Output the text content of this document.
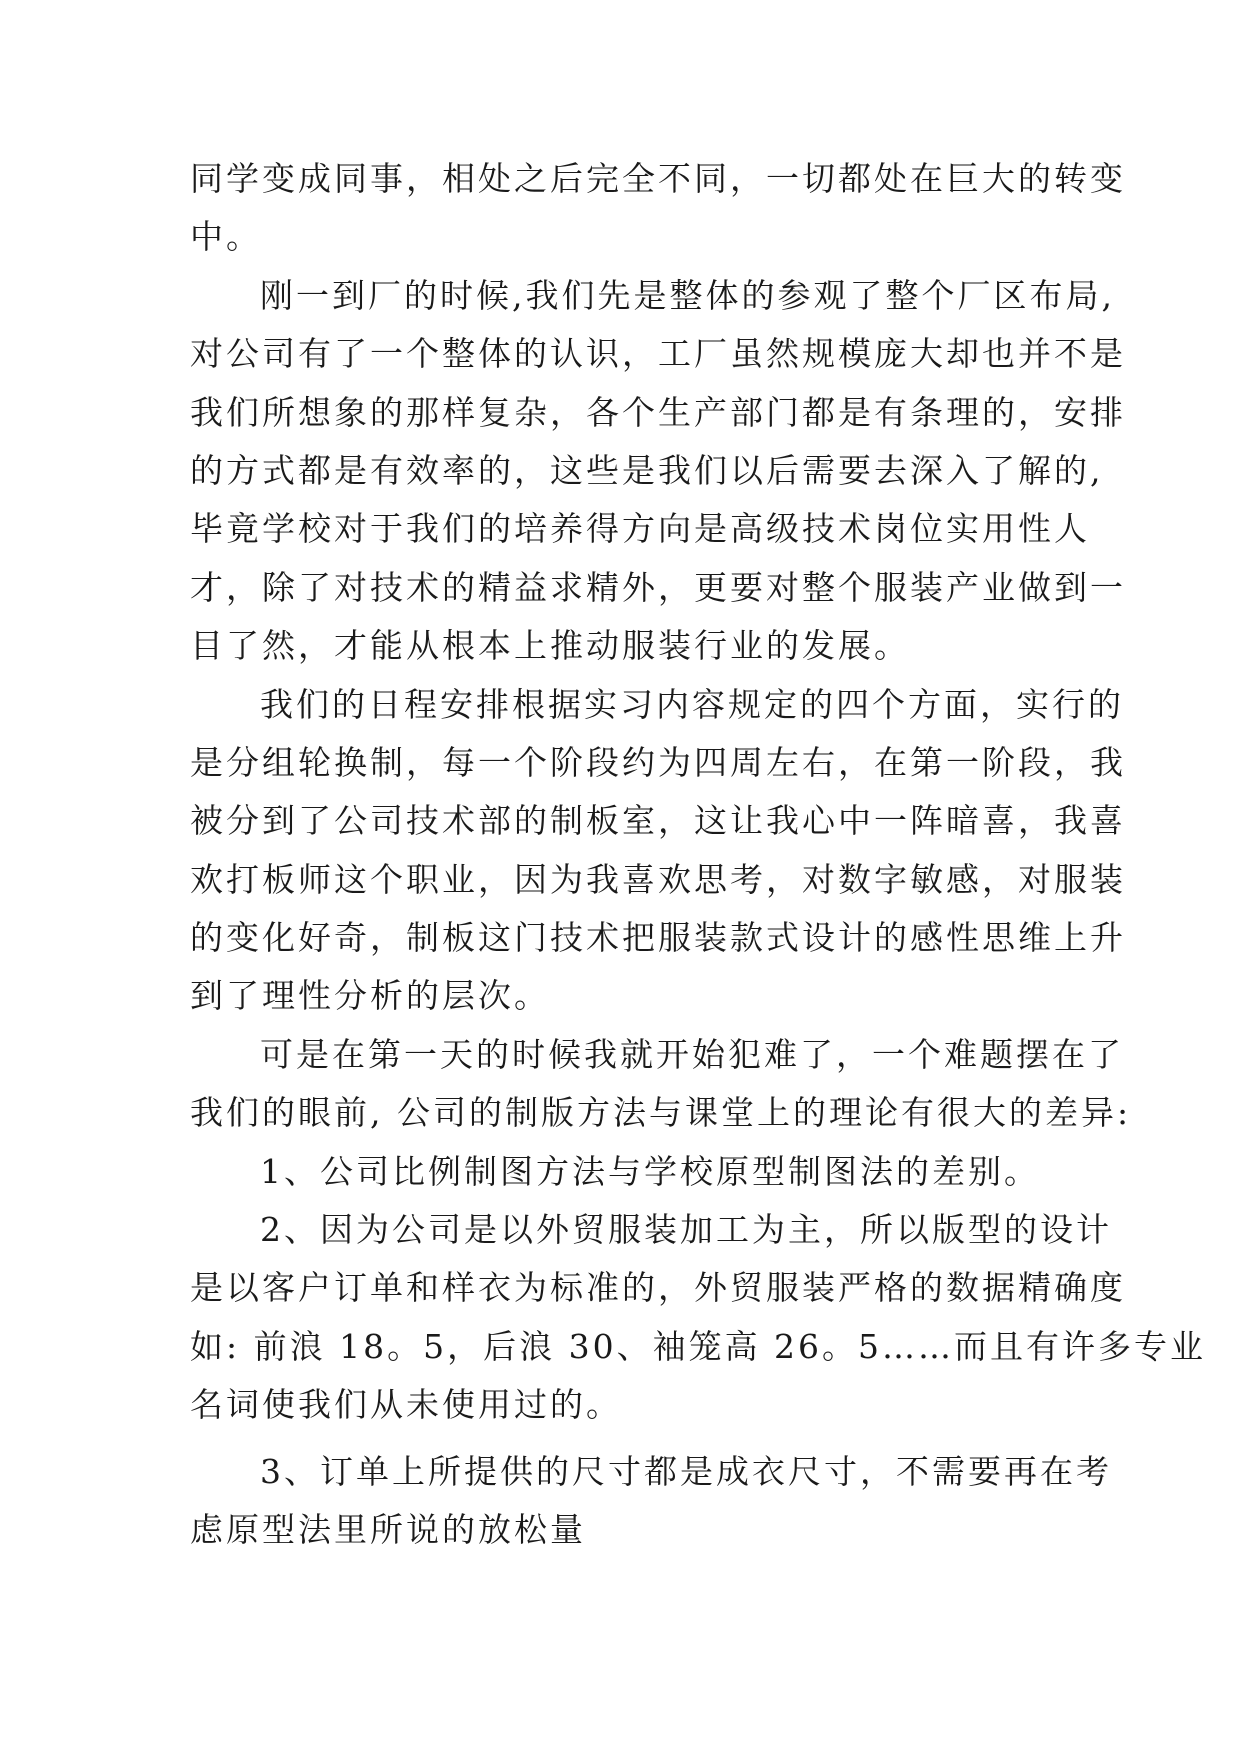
同学变成同事，相处之后完全不同，一切都处在巨大的转变
中。
刚一到厂的时候,我们先是整体的参观了整个厂区布局,
对公司有了一个整体的认识，工厂虽然规模庞大却也并不是
我们所想象的那样复杂，各个生产部门都是有条理的，安排
的方式都是有效率的，这些是我们以后需要去深入了解的,
毕竟学校对于我们的培养得方向是高级技术岗位实用性人
才，除了对技术的精益求精外，更要对整个服装产业做到一
目了然，才能从根本上推动服装行业的发展。
我们的日程安排根据实习内容规定的四个方面，实行的
是分组轮换制，每一个阶段约为四周左右，在第一阶段，我
被分到了公司技术部的制板室，这让我心中一阵暗喜，我喜
欢打板师这个职业，因为我喜欢思考，对数字敏感，对服装
的变化好奇，制板这门技术把服装款式设计的感性思维上升
到了理性分析的层次。
可是在第一天的时候我就开始犯难了，一个难题摆在了
我们的眼前, 公司的制版方法与课堂上的理论有很大的差异:
1、公司比例制图方法与学校原型制图法的差别。
2、因为公司是以外贸服装加工为主，所以版型的设计
是以客户订单和样衣为标准的，外贸服装严格的数据精确度
如: 前浪 18。5，后浪 30、袖笼高 26。5……而且有许多专业
名词使我们从未使用过的。
3、订单上所提供的尺寸都是成衣尺寸，不需要再在考
虑原型法里所说的放松量
